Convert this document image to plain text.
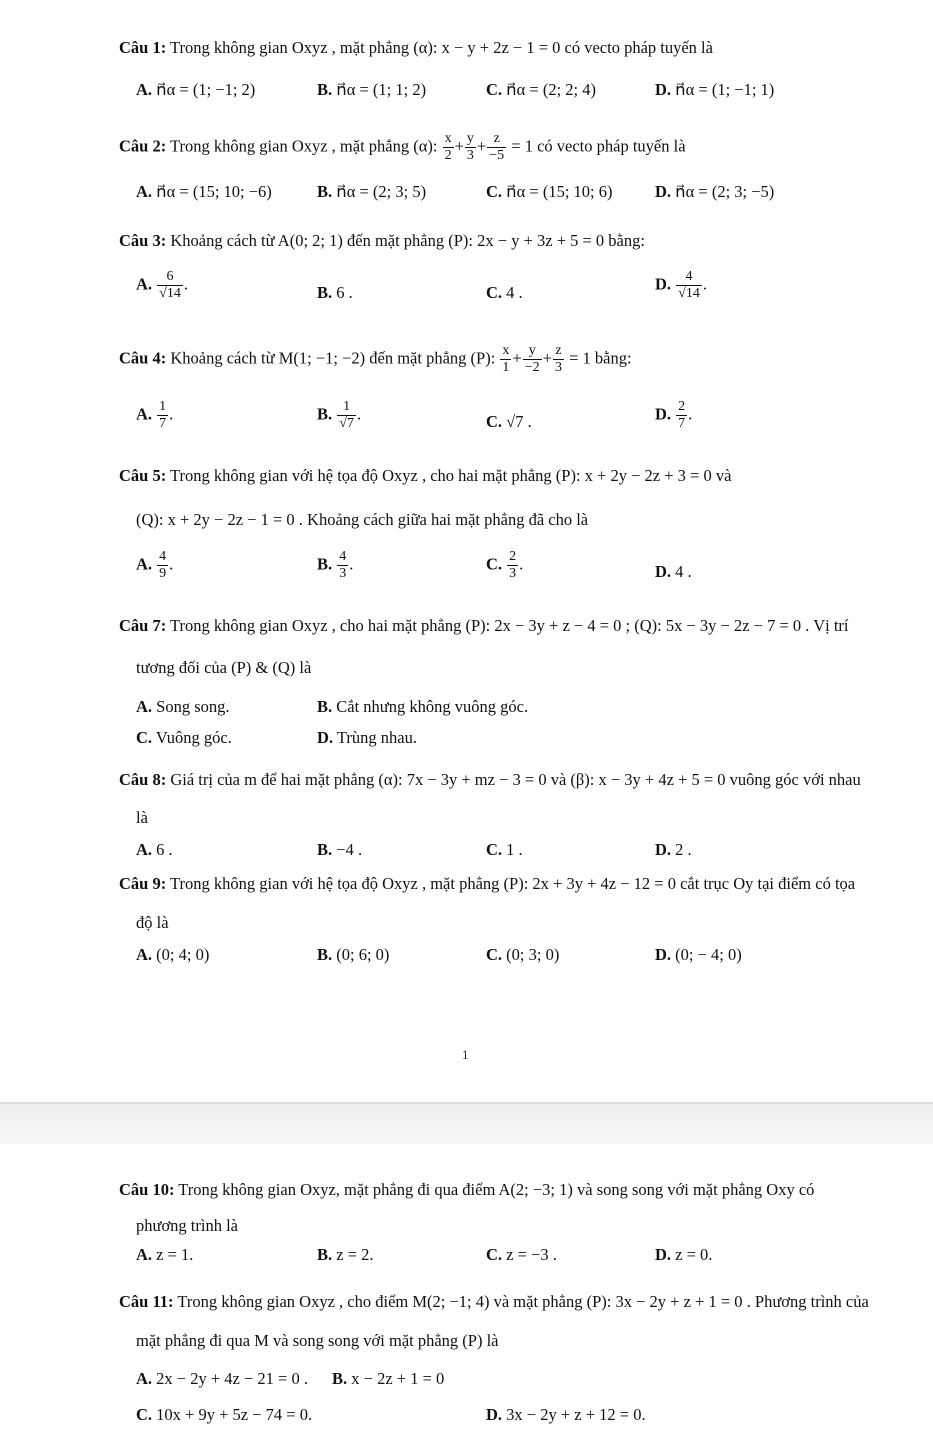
Câu 1: Trong không gian Oxyz , mặt phẳng (α): x − y + 2z − 1 = 0 có vecto pháp tuyến là
A. n⃗α = (1; −1; 2)	B. n⃗α = (1; 1; 2)	C. n⃗α = (2; 2; 4)	D. n⃗α = (1; −1; 1)
Câu 2: Trong không gian Oxyz , mặt phẳng (α): $\frac{x}{2} + \frac{y}{3} + \frac{z}{-5} = 1$ có vecto pháp tuyến là
A. n⃗α = (15; 10; −6)	B. n⃗α = (2; 3; 5)	C. n⃗α = (15; 10; 6)	D. n⃗α = (2; 3; −5)
Câu 3: Khoảng cách từ A(0; 2; 1) đến mặt phẳng (P): 2x − y + 3z + 5 = 0 bằng:
A. $\frac{6}{√14}$ .	B. 6 .	C. 4 .	D. $\frac{4}{√14}$ .
Câu 4: Khoảng cách từ M(1; −1; −2) đến mặt phẳng (P): $\frac{x}{1} + \frac{y}{-2} + \frac{z}{3} = 1$ bằng:
A. $\frac{1}{7}$ .	B. $\frac{1}{√7}$ .	C. √7 .	D. $\frac{2}{7}$ .
Câu 5: Trong không gian với hệ tọa độ Oxyz , cho hai mặt phẳng (P): x + 2y − 2z + 3 = 0 và
(Q): x + 2y − 2z − 1 = 0 . Khoảng cách giữa hai mặt phẳng đã cho là
A. $\frac{4}{9}$ .	B. $\frac{4}{3}$ .	C. $\frac{2}{3}$ .	D. 4 .
Câu 7: Trong không gian Oxyz , cho hai mặt phẳng (P): 2x − 3y + z − 4 = 0 ; (Q): 5x − 3y − 2z − 7 = 0 . Vị trí
tương đối của (P) & (Q) là
A. Song song.	B. Cắt nhưng không vuông góc.
C. Vuông góc.	D. Trùng nhau.
Câu 8: Giá trị của m để hai mặt phẳng (α): 7x − 3y + mz − 3 = 0 và (β): x − 3y + 4z + 5 = 0 vuông góc với nhau
là
A. 6 .	B. −4 .	C. 1 .	D. 2 .
Câu 9: Trong không gian với hệ tọa độ Oxyz , mặt phẳng (P): 2x + 3y + 4z − 12 = 0 cắt trục Oy tại điểm có tọa
độ là
A. (0; 4; 0)	B. (0; 6; 0)	C. (0; 3; 0)	D. (0; − 4; 0)
1
Câu 10: Trong không gian Oxyz, mặt phẳng đi qua điểm A(2; −3; 1) và song song với mặt phẳng Oxy có
phương trình là
A. z = 1.	B. z = 2.	C. z = −3 .	D. z = 0.
Câu 11: Trong không gian Oxyz , cho điểm M(2; −1; 4) và mặt phẳng (P): 3x − 2y + z + 1 = 0 . Phương trình của
mặt phẳng đi qua M và song song với mặt phẳng (P) là
A. 2x − 2y + 4z − 21 = 0 . B. x − 2z + 1 = 0
C. 10x + 9y + 5z − 74 = 0.	D. 3x − 2y + z + 12 = 0.
